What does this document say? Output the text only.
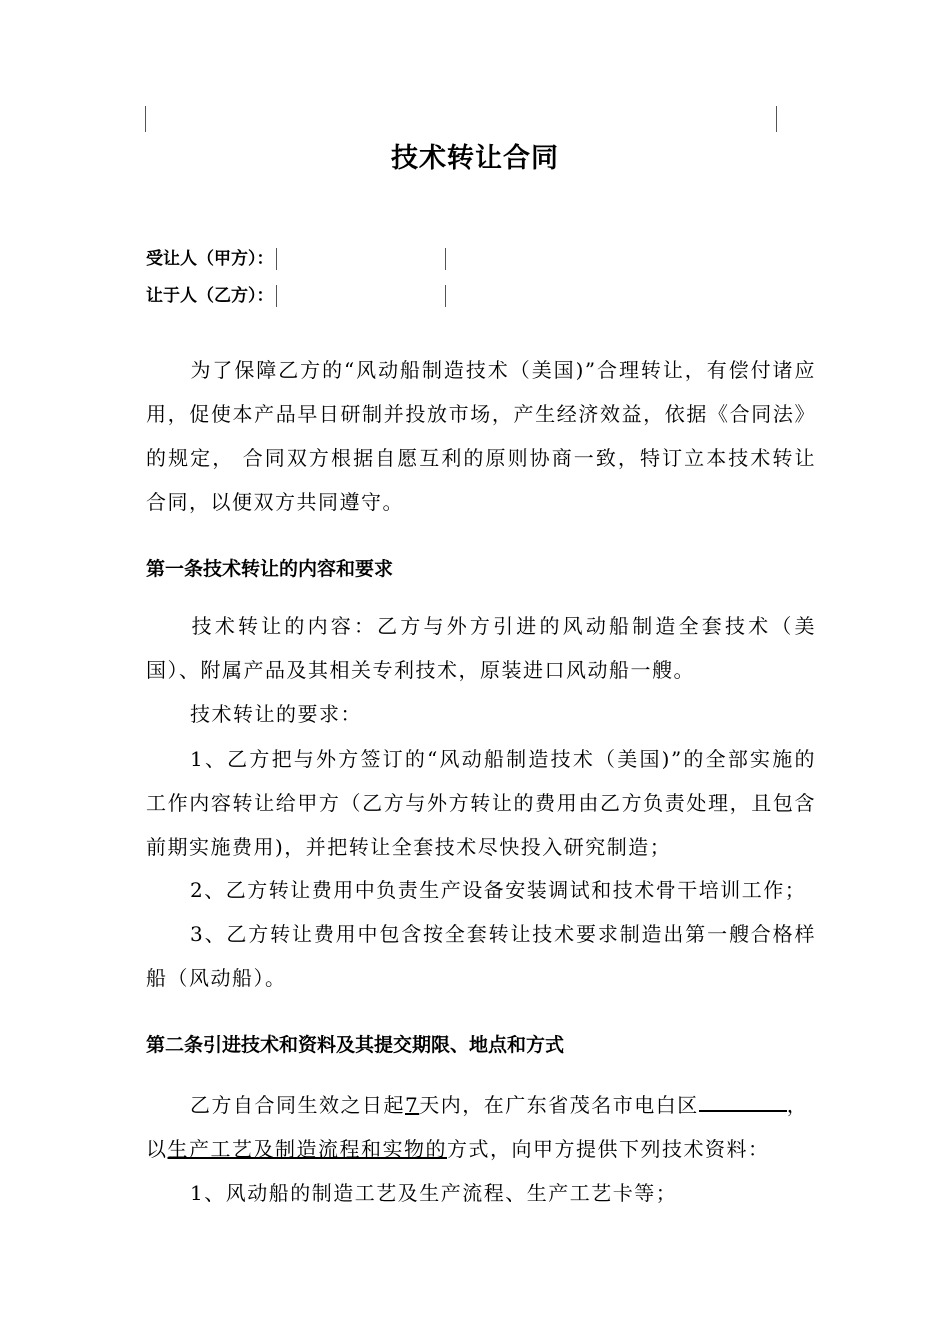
技术转让合同
受让人（甲方）：
让于人（乙方）：
为了保障乙方的“风动船制造技术（美国)”合理转让，有偿付诸应用，促使本产品早日研制并投放市场，产生经济效益，依据《合同法》的规定， 合同双方根据自愿互利的原则协商一致，特订立本技术转让合同，以便双方共同遵守。
第一条技术转让的内容和要求
技术转让的内容：乙方与外方引进的风动船制造全套技术（美国）、附属产品及其相关专利技术，原装进口风动船一艘。
技术转让的要求：
1、乙方把与外方签订的“风动船制造技术（美国)”的全部实施的工作内容转让给甲方（乙方与外方转让的费用由乙方负责处理，且包含前期实施费用)，并把转让全套技术尽快投入研究制造；
2、乙方转让费用中负责生产设备安装调试和技术骨干培训工作；
3、乙方转让费用中包含按全套转让技术要求制造出第一艘合格样船（风动船）。
第二条引进技术和资料及其提交期限、地点和方式
乙方自合同生效之日起7天内，在广东省茂名市电白区	，
以生产工艺及制造流程和实物的方式，向甲方提供下列技术资料：
1、风动船的制造工艺及生产流程、生产工艺卡等；
